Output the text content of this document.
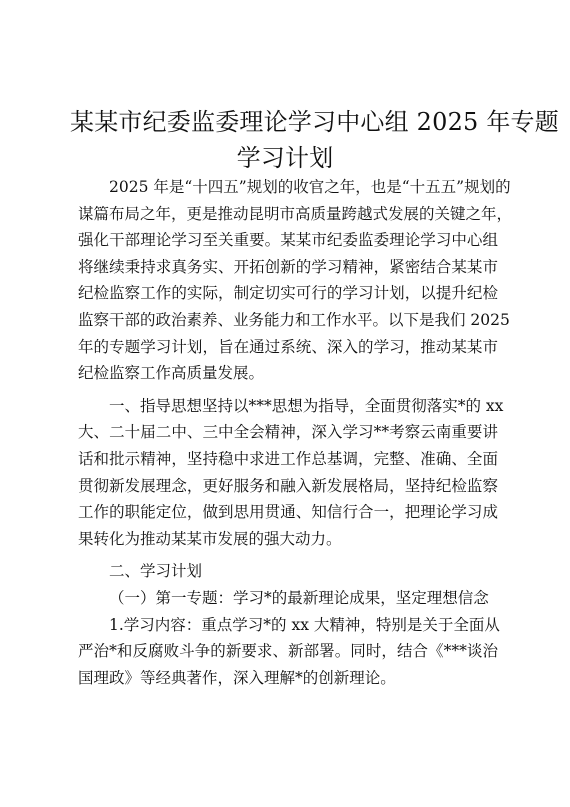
某某市纪委监委理论学习中心组 2025 年专题
学习计划
2025 年是“十四五”规划的收官之年，也是“十五五”规划的
谋篇布局之年，更是推动昆明市高质量跨越式发展的关键之年，
强化干部理论学习至关重要。某某市纪委监委理论学习中心组
将继续秉持求真务实、开拓创新的学习精神，紧密结合某某市
纪检监察工作的实际，制定切实可行的学习计划，以提升纪检
监察干部的政治素养、业务能力和工作水平。以下是我们 2025
年的专题学习计划，旨在通过系统、深入的学习，推动某某市
纪检监察工作高质量发展。
一、指导思想坚持以***思想为指导，全面贯彻落实*的 xx
大、二十届二中、三中全会精神，深入学习**考察云南重要讲
话和批示精神，坚持稳中求进工作总基调，完整、准确、全面
贯彻新发展理念，更好服务和融入新发展格局，坚持纪检监察
工作的职能定位，做到思用贯通、知信行合一，把理论学习成
果转化为推动某某市发展的强大动力。
二、学习计划
（一）第一专题：学习*的最新理论成果，坚定理想信念
1.学习内容：重点学习*的 xx 大精神，特别是关于全面从
严治*和反腐败斗争的新要求、新部署。同时，结合《***谈治
国理政》等经典著作，深入理解*的创新理论。
